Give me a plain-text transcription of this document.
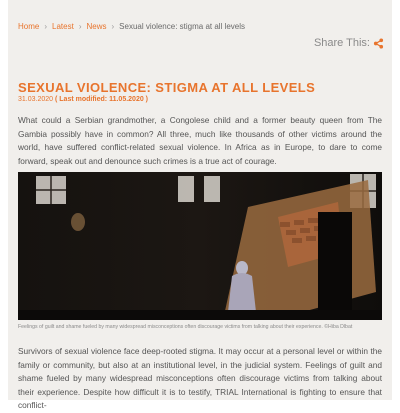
Home › Latest › News › Sexual violence: stigma at all levels
Share This:
SEXUAL VIOLENCE: STIGMA AT ALL LEVELS
31.03.2020 ( Last modified: 11.05.2020 )

What could a Serbian grandmother, a Congolese child and a former beauty queen from The Gambia possibly have in common? All three, much like thousands of other victims around the world, have suffered conflict-related sexual violence. In Africa as in Europe, to dare to come forward, speak out and denounce such crimes is a true act of courage.

Feelings of guilt and shame fueled by many widespread misconceptions often discourage victims from talking about their experience. ©Hiba Dlbat

Survivors of sexual violence face deep-rooted stigma. It may occur at a personal level or within the family or community, but also at an institutional level, in the judicial system. Feelings of guilt and shame fueled by many widespread misconceptions often discourage victims from talking about their experience. Despite how difficult it is to testify, TRIAL International is fighting to ensure that conflict-
